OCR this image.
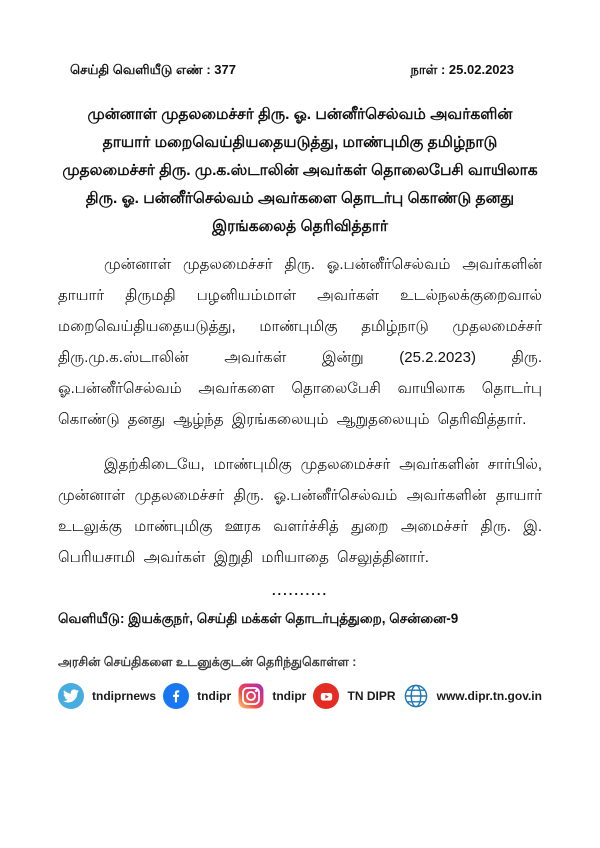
செய்தி வெளியீடு எண் : 377	நாள் : 25.02.2023
முன்னாள் முதலமைச்சர் திரு. ஓ. பன்னீர்செல்வம் அவர்களின்
தாயார் மறைவெய்தியதையடுத்து, மாண்புமிகு தமிழ்நாடு
முதலமைச்சர் திரு. மு.க.ஸ்டாலின் அவர்கள் தொலைபேசி வாயிலாக
திரு. ஓ. பன்னீர்செல்வம் அவர்களை தொடர்பு கொண்டு தனது
இரங்கலைத் தெரிவித்தார்

முன்னாள் முதலமைச்சர் திரு. ஓ.பன்னீர்செல்வம் அவர்களின் தாயார் திருமதி பழனியம்மாள் அவர்கள் உடல்நலக்குறைவால் மறைவெய்தியதையடுத்து, மாண்புமிகு தமிழ்நாடு முதலமைச்சர் திரு.மு.க.ஸ்டாலின் அவர்கள் இன்று (25.2.2023) திரு. ஓ.பன்னீர்செல்வம் அவர்களை தொலைபேசி வாயிலாக தொடர்பு கொண்டு தனது ஆழ்ந்த இரங்கலையும் ஆறுதலையும் தெரிவித்தார்.

இதற்கிடையே, மாண்புமிகு முதலமைச்சர் அவர்களின் சார்பில், முன்னாள் முதலமைச்சர் திரு. ஓ.பன்னீர்செல்வம் அவர்களின் தாயார் உடலுக்கு மாண்புமிகு ஊரக வளர்ச்சித் துறை அமைச்சர் திரு. இ. பெரியசாமி அவர்கள் இறுதி மரியாதை செலுத்தினார்.

..........
வெளியீடு: இயக்குநர், செய்தி மக்கள் தொடர்புத்துறை, சென்னை-9
அரசின் செய்திகளை உடனுக்குடன் தெரிந்துகொள்ள :
tndiprnews	tndipr	tndipr	TN DIPR	www.dipr.tn.gov.in
